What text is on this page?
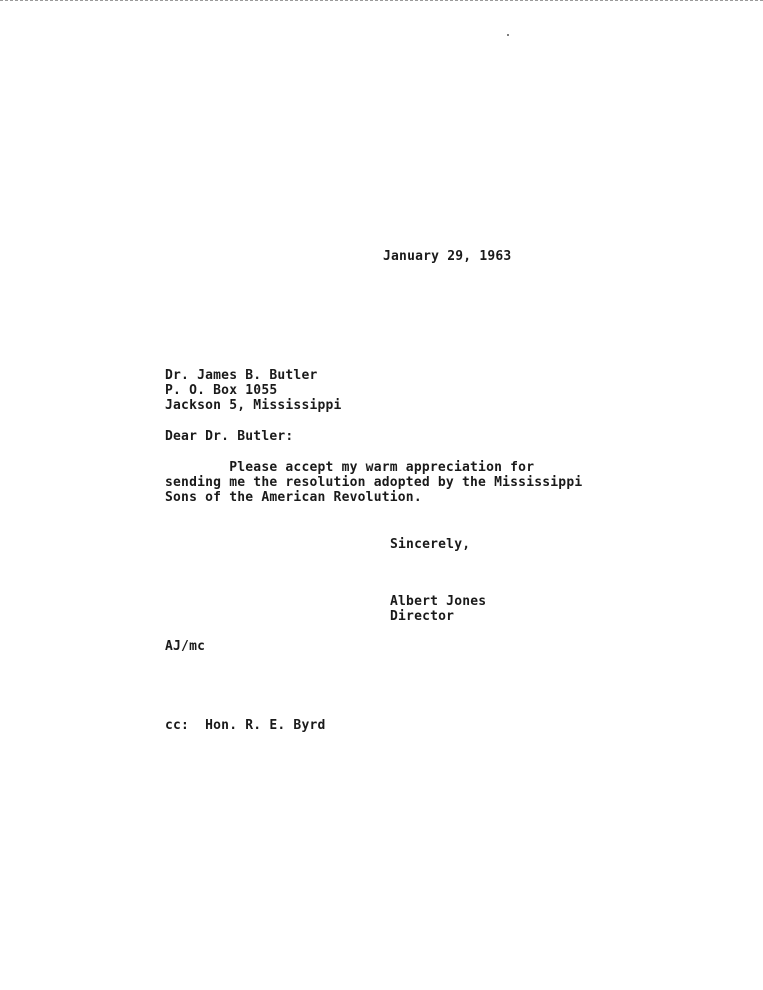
January 29, 1963
Dr. James B. Butler
P. O. Box 1055
Jackson 5, Mississippi
Dear Dr. Butler:
Please accept my warm appreciation for
sending me the resolution adopted by the Mississippi
Sons of the American Revolution.
Sincerely,
Albert Jones
Director
AJ/mc
cc:  Hon. R. E. Byrd
